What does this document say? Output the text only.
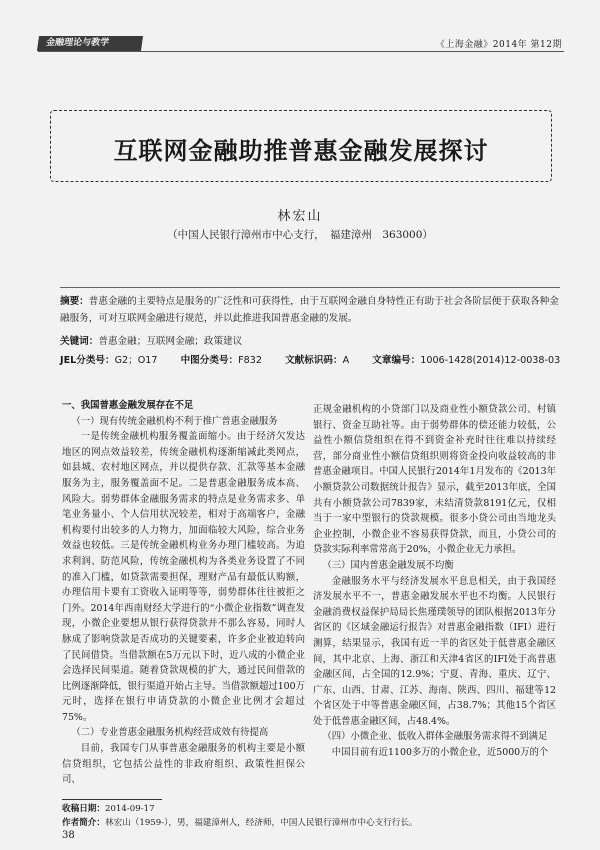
金融理论与教学	《上海金融》2014年 第12期
互联网金融助推普惠金融发展探讨
林宏山
（中国人民银行漳州市中心支行，　福建漳州　363000）
摘要：普惠金融的主要特点是服务的广泛性和可获得性，由于互联网金融自身特性正有助于社会各阶层便于获取各种金融服务，可对互联网金融进行规范，并以此推进我国普惠金融的发展。
关键词：普惠金融；互联网金融；政策建议
JEL分类号：G2；O17 中图分类号：F832 文献标识码：A 文章编号：1006-1428(2014)12-0038-03

一、我国普惠金融发展存在不足

（一）现有传统金融机构不利于推广普惠金融服务

一是传统金融机构服务覆盖面缩小。由于经济欠发达地区的网点效益较差，传统金融机构逐渐缩减此类网点，如县城、农村地区网点，并以提供存款、汇款等基本金融服务为主，服务覆盖面不足。二是普惠金融服务成本高、风险大。弱势群体金融服务需求的特点是业务需求多、单笔业务量小、个人信用状况较差，相对于高端客户，金融机构要付出较多的人力物力，加面临较大风险，综合业务效益也较低。三是传统金融机构业务办理门槛较高。为追求利润、防范风险，传统金融机构为各类业务设置了不同的准入门槛，如贷款需要担保，理财产品有最低认购额，办理信用卡要有工资收入证明等等，弱势群体往往被拒之门外。2014年西南财经大学进行的“小微企业指数”调查发现，小微企业要想从银行获得贷款并不那么容易，同时人脉成了影响贷款是否成功的关键要素，许多企业被迫转向了民间借贷。当借款额在5万元以下时，近八成的小微企业会选择民间渠道。随着贷款规模的扩大，通过民间借款的比例逐渐降低，银行渠道开始占主导。当借款额超过100万元时，选择在银行申请贷款的小微企业比例才会超过75%。

（二）专业普惠金融服务机构经营成效有待提高

目前，我国专门从事普惠金融服务的机构主要是小额信贷组织，它包括公益性的非政府组织、政策性担保公司、

正规金融机构的小贷部门以及商业性小额贷款公司、村镇银行、资金互助社等。由于弱势群体的偿还能力较低，公益性小额信贷组织在得不到资金补充时往往难以持续经营，部分商业性小额信贷组织则将资金投向收益较高的非普惠金融项目。中国人民银行2014年1月发布的《2013年小额贷款公司数据统计报告》显示，截至2013年底，全国共有小额贷款公司7839家，未结清贷款8191亿元，仅相当于一家中型银行的贷款规模。很多小贷公司由当地龙头企业控制，小微企业不容易获得贷款，而且，小贷公司的贷款实际利率常常高于20%，小微企业无力承担。

（三）国内普惠金融发展不均衡

金融服务水平与经济发展水平息息相关，由于我国经济发展水平不一，普惠金融发展水平也不均衡。人民银行金融消费权益保护局局长焦瑾璞领导的团队根据2013年分省区的《区域金融运行报告》对普惠金融指数（IFI）进行测算，结果显示，我国有近一半的省区处于低普惠金融区间，其中北京、上海、浙江和天津4省区的IFI处于高普惠金融区间，占全国的12.9%；宁夏、青海、重庆、辽宁、广东、山西、甘肃、江苏、海南、陕西、四川、福建等12个省区处于中等普惠金融区间，占38.7%；其他15个省区处于低普惠金融区间，占48.4%。

（四）小微企业、低收入群体金融服务需求得不到满足

中国目前有近1100多万的小微企业，近5000万的个

收稿日期：2014-09-17
作者简介：林宏山（1959-），男，福建漳州人，经济师，中国人民银行漳州市中心支行行长。
38
